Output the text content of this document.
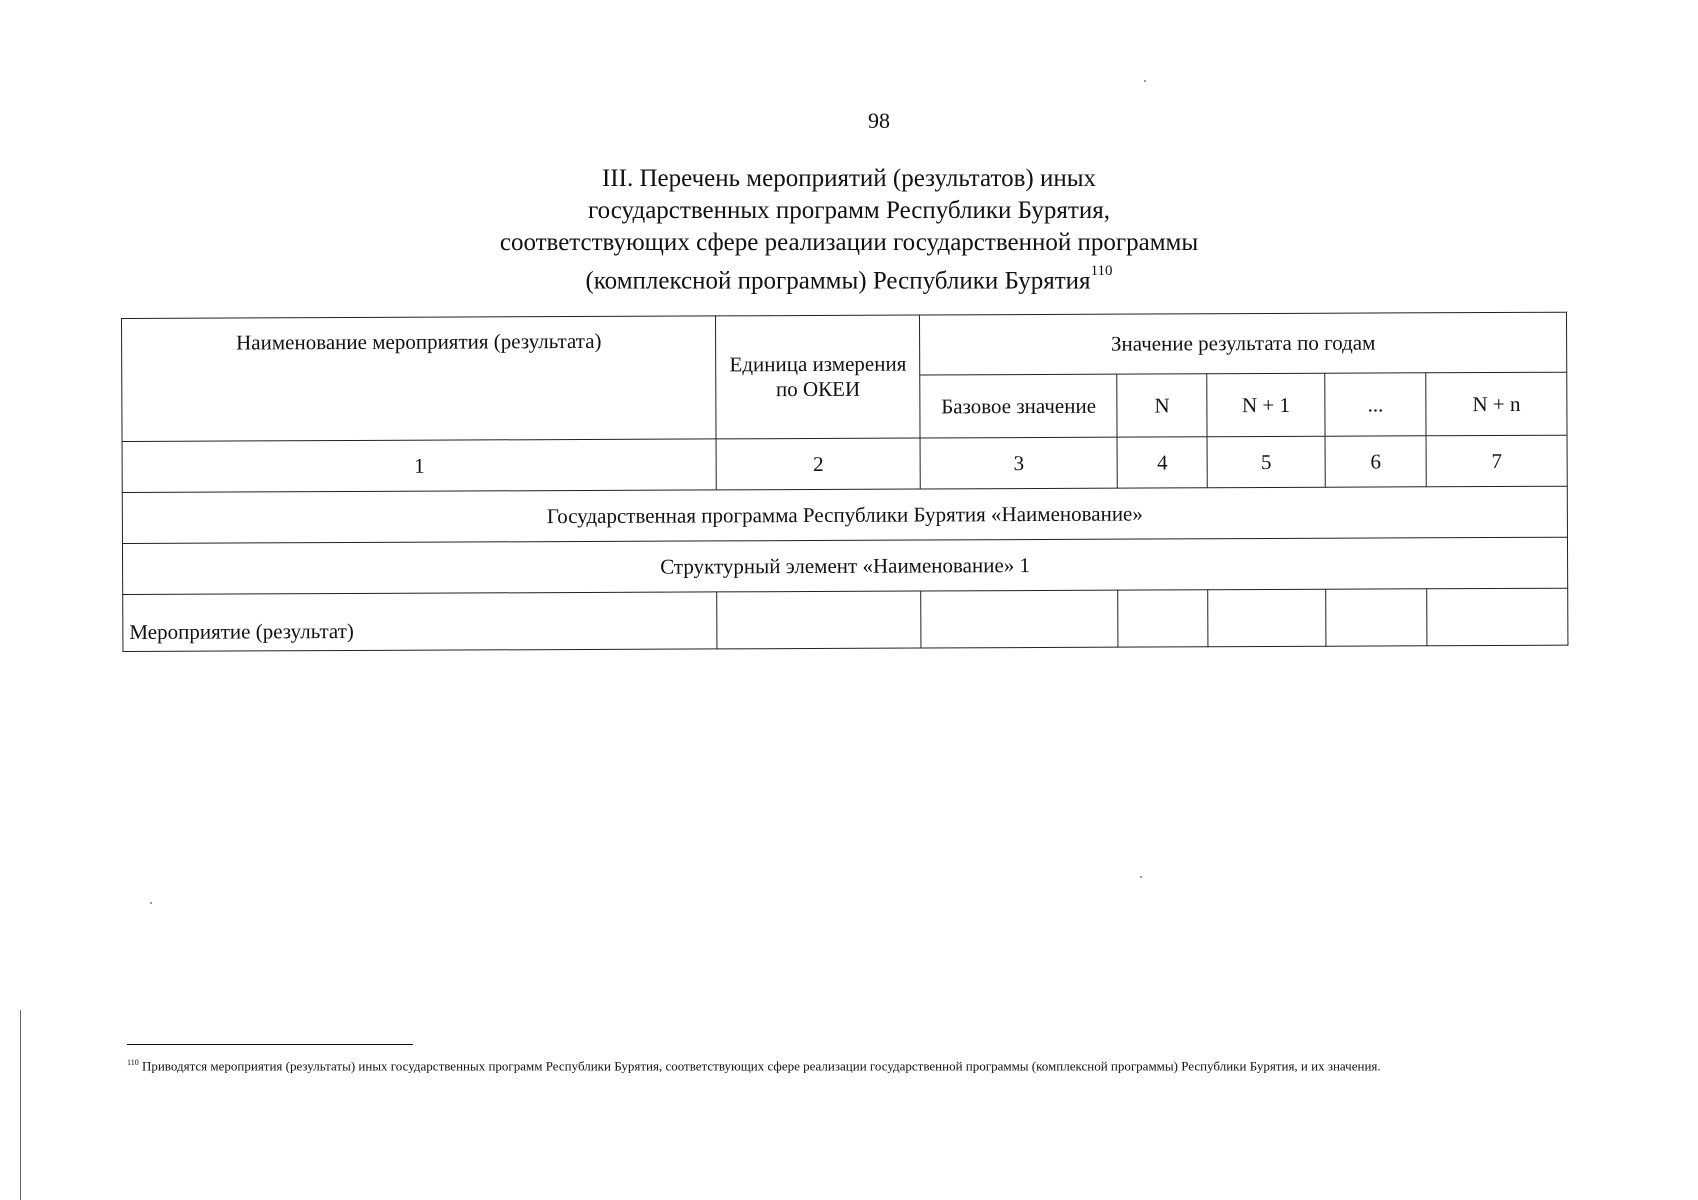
98
III. Перечень мероприятий (результатов) иных
государственных программ Республики Бурятия,
соответствующих сфере реализации государственной программы
(комплексной программы) Республики Бурятия$^{110}$
Наименование мероприятия (результата)	Единица измерения по ОКЕИ	Значение результата по годам				
		Базовое значение	N	N + 1	...	N + n
1	2	3	4	5	6	7
Государственная программа Республики Бурятия «Наименование»						
Структурный элемент «Наименование» 1						
Мероприятие (результат)						
$^{110}$ Приводятся мероприятия (результаты) иных государственных программ Республики Бурятия, соответствующих сфере реализации государственной программы (комплексной программы) Республики Бурятия, и их значения.
